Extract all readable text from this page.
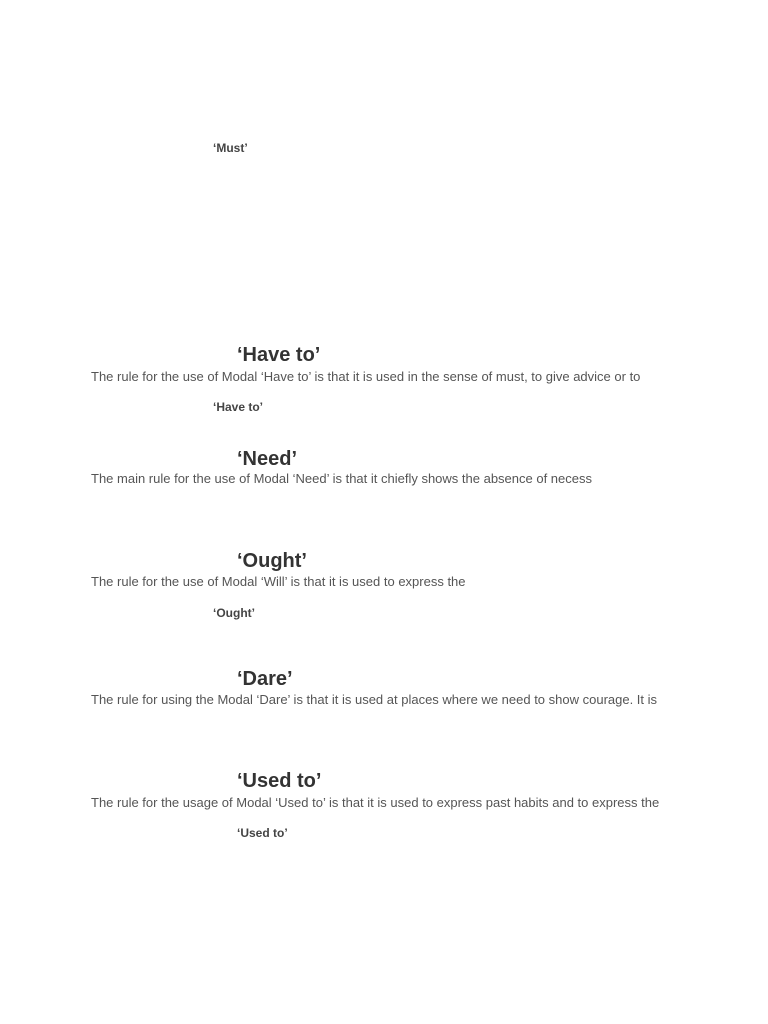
‘Must’
‘Have to’
The rule for the use of Modal ‘Have to’ is that it is used in the sense of must, to give advice or to
‘Have to’
‘Need’
The main rule for the use of Modal ‘Need’ is that it chiefly shows the absence of necess
‘Ought’
The rule for the use of Modal ‘Will’ is that it is used to express the
‘Ought’
‘Dare’
The rule for using the Modal ‘Dare’ is that it is used at places where we need to show courage. It is
‘Used to’
The rule for the usage of Modal ‘Used to’ is that it is used to express past habits and to express the
‘Used to’
